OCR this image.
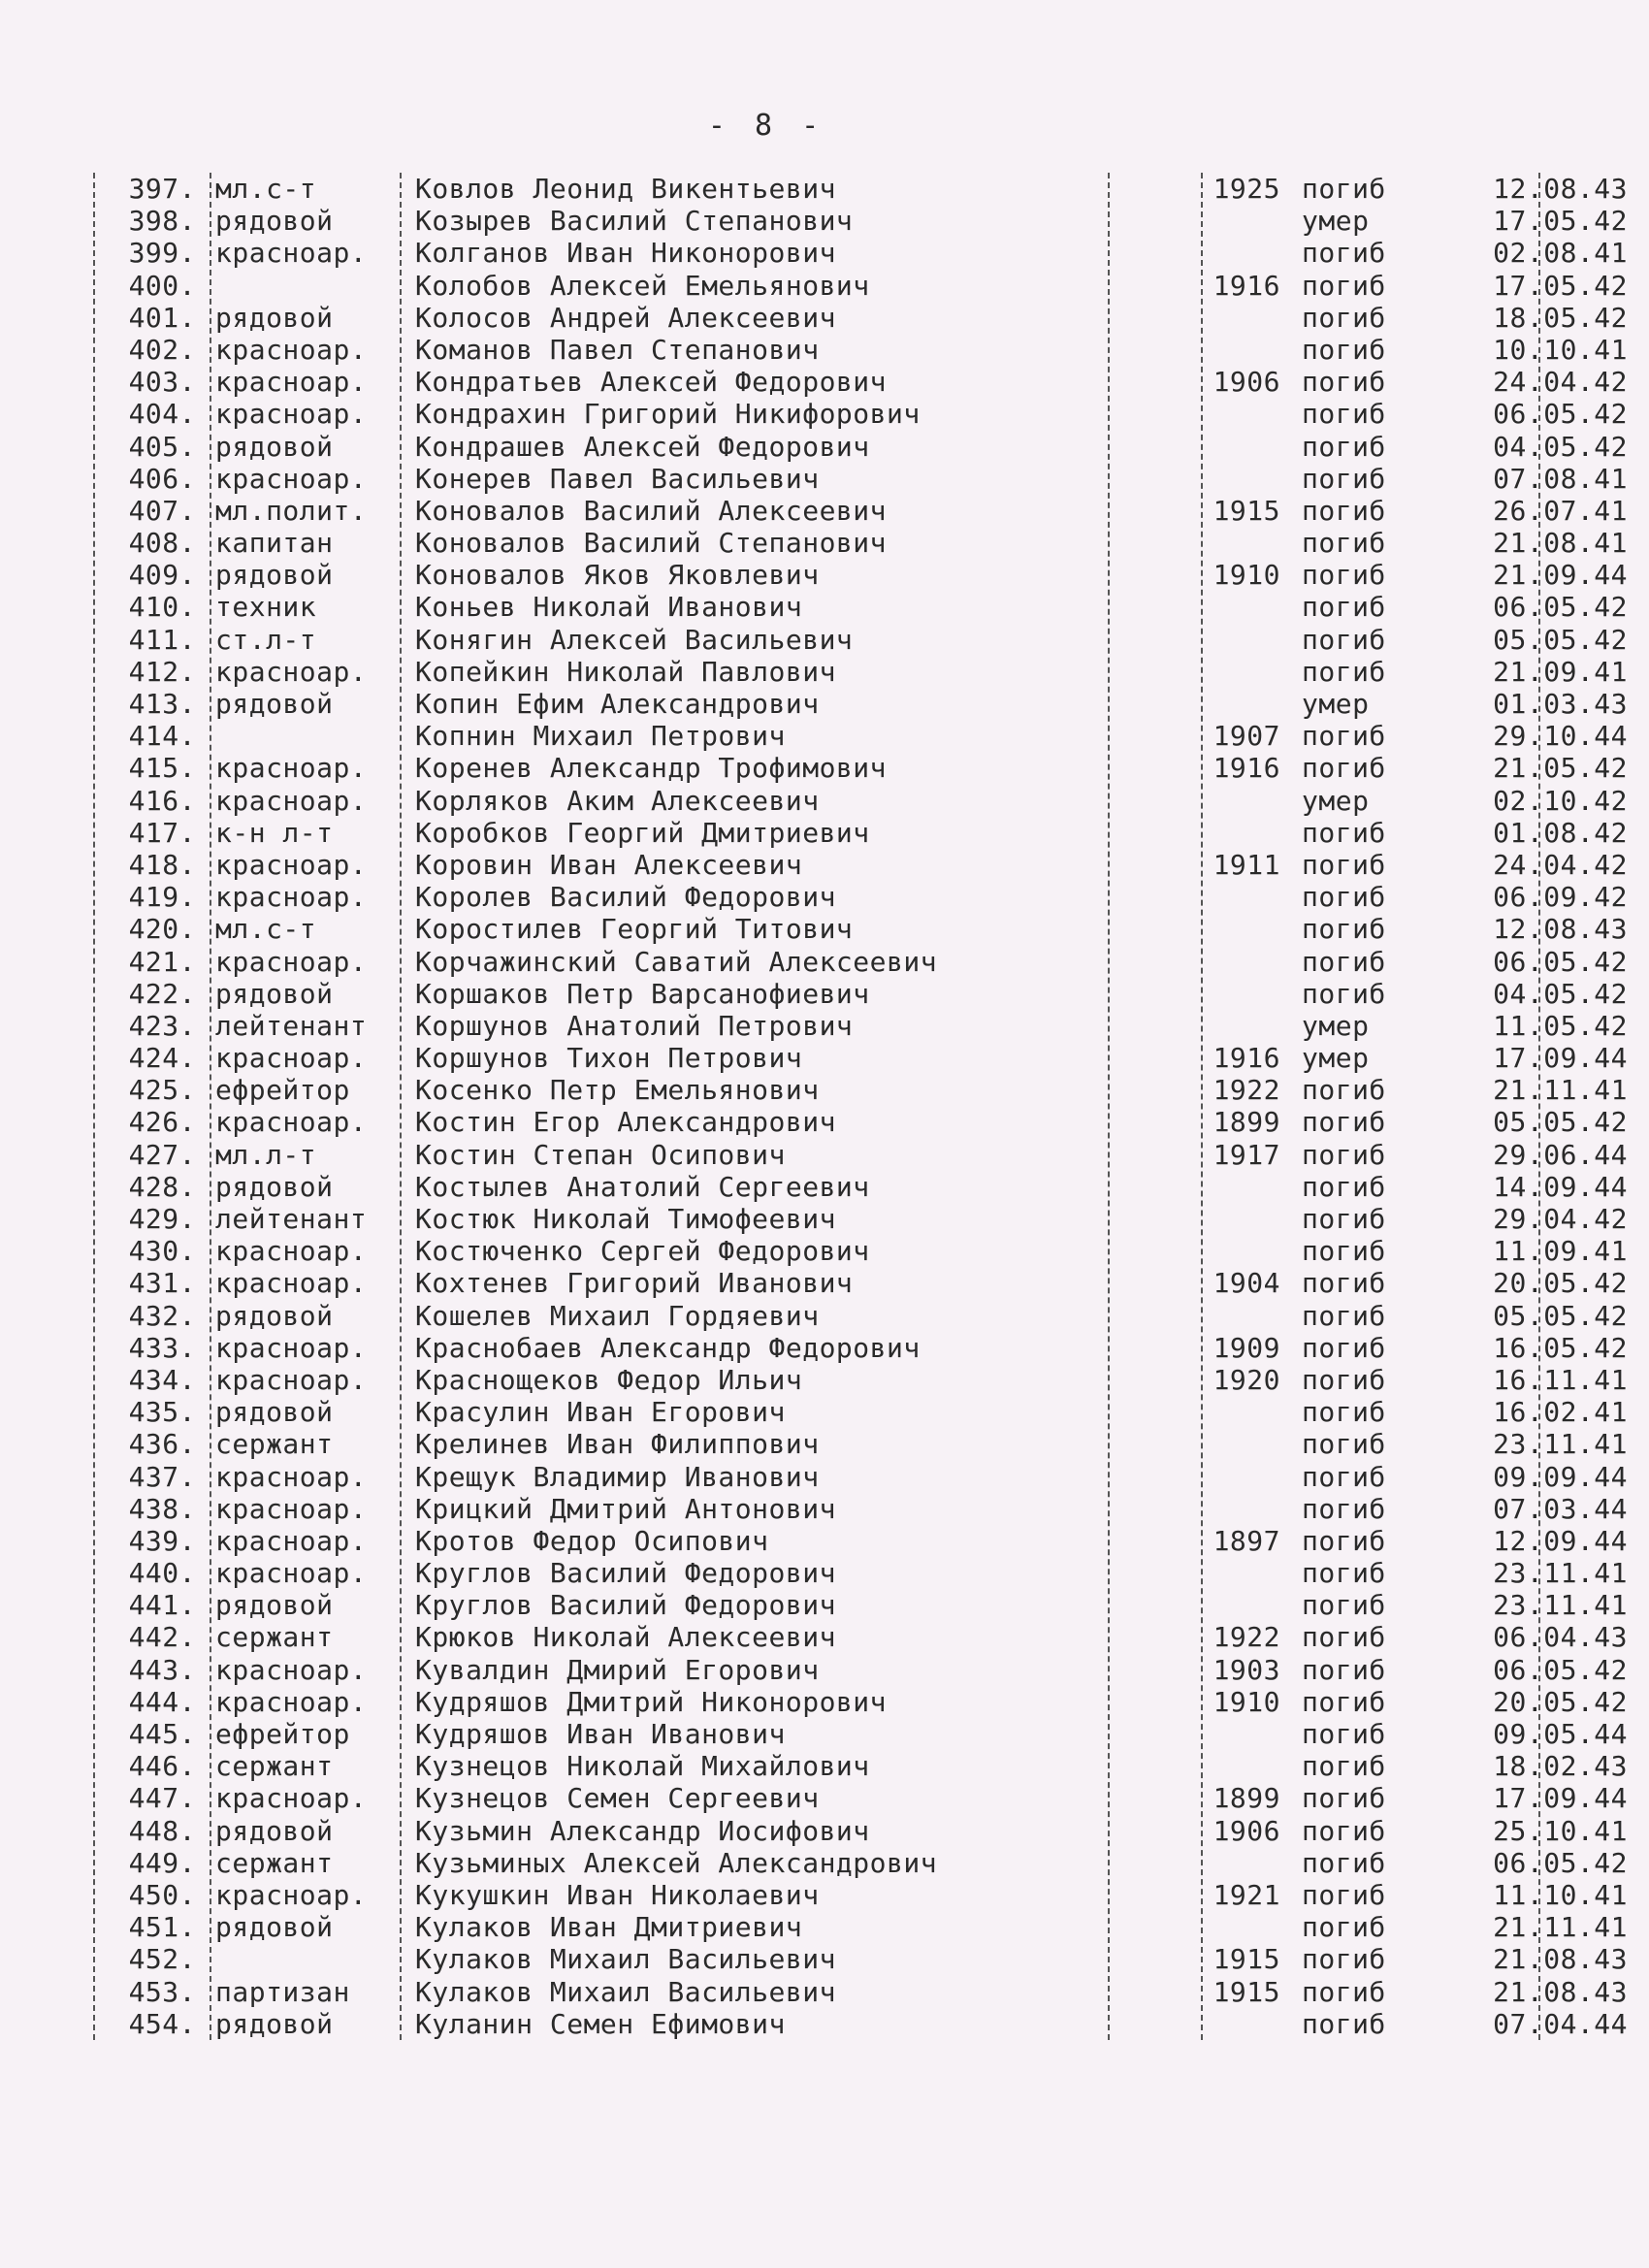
- 8 -
397. мл.с-т	Ковлов Леонид Викентьевич	1925 погиб	12.08.43
398. рядовой	Козырев Василий Степанович	умер	17.05.42
399. красноар. Колганов Иван Никонорович	погиб	02.08.41
400.	Колобов Алексей Емельянович	1916 погиб	17.05.42
401. рядовой	Колосов Андрей Алексеевич	погиб	18.05.42
402. красноар. Команов Павел Степанович	погиб	10.10.41
403. красноар. Кондратьев Алексей Федорович	1906 погиб	24.04.42
404. красноар. Кондрахин Григорий Никифорович	погиб	06.05.42
405. рядовой	Кондрашев Алексей Федорович	погиб	04.05.42
406. красноар. Конерев Павел Васильевич	погиб	07.08.41
407. мл.полит. Коновалов Василий Алексеевич	1915 погиб	26.07.41
408. капитан	Коновалов Василий Степанович	погиб	21.08.41
409. рядовой	Коновалов Яков Яковлевич	1910 погиб	21.09.44
410. техник	Коньев Николай Иванович	погиб	06.05.42
411. ст.л-т	Конягин Алексей Васильевич	погиб	05.05.42
412. красноар. Копейкин Николай Павлович	погиб	21.09.41
413. рядовой	Копин Ефим Александрович	умер	01.03.43
414.	Копнин Михаил Петрович	1907 погиб	29.10.44
415. красноар. Коренев Александр Трофимович	1916 погиб	21.05.42
416. красноар. Корляков Аким Алексеевич	умер	02.10.42
417. к-н л-т	Коробков Георгий Дмитриевич	погиб	01.08.42
418. красноар. Коровин Иван Алексеевич	1911 погиб	24.04.42
419. красноар. Королев Василий Федорович	погиб	06.09.42
420. мл.с-т	Коростилев Георгий Титович	погиб	12.08.43
421. красноар. Корчажинский Саватий Алексеевич	погиб	06.05.42
422. рядовой	Коршаков Петр Варсанофиевич	погиб	04.05.42
423. лейтенант Коршунов Анатолий Петрович	умер	11.05.42
424. красноар. Коршунов Тихон Петрович	1916 умер	17.09.44
425. ефрейтор Косенко Петр Емельянович	1922 погиб	21.11.41
426. красноар. Костин Егор Александрович	1899 погиб	05.05.42
427. мл.л-т	Костин Степан Осипович	1917 погиб	29.06.44
428. рядовой	Костылев Анатолий Сергеевич	погиб	14.09.44
429. лейтенант Костюк Николай Тимофеевич	погиб	29.04.42
430. красноар. Костюченко Сергей Федорович	погиб	11.09.41
431. красноар. Кохтенев Григорий Иванович	1904 погиб	20.05.42
432. рядовой	Кошелев Михаил Гордяевич	погиб	05.05.42
433. красноар. Краснобаев Александр Федорович	1909 погиб	16.05.42
434. красноар. Краснощеков Федор Ильич	1920 погиб	16.11.41
435. рядовой	Красулин Иван Егорович	погиб	16.02.41
436. сержант	Крелинев Иван Филиппович	погиб	23.11.41
437. красноар. Крещук Владимир Иванович	погиб	09.09.44
438. красноар. Крицкий Дмитрий Антонович	погиб	07.03.44
439. красноар. Кротов Федор Осипович	1897 погиб	12.09.44
440. красноар. Круглов Василий Федорович	погиб	23.11.41
441. рядовой	Круглов Василий Федорович	погиб	23.11.41
442. сержант	Крюков Николай Алексеевич	1922 погиб	06.04.43
443. красноар. Кувалдин Дмирий Егорович	1903 погиб	06.05.42
444. красноар. Кудряшов Дмитрий Никонорович	1910 погиб	20.05.42
445. ефрейтор Кудряшов Иван Иванович	погиб	09.05.44
446. сержант	Кузнецов Николай Михайлович	погиб	18.02.43
447. красноар. Кузнецов Семен Сергеевич	1899 погиб	17.09.44
448. рядовой	Кузьмин Александр Иосифович	1906 погиб	25.10.41
449. сержант	Кузьминых Алексей Александрович	погиб	06.05.42
450. красноар. Кукушкин Иван Николаевич	1921 погиб	11.10.41
451. рядовой	Кулаков Иван Дмитриевич	погиб	21.11.41
452.	Кулаков Михаил Васильевич	1915 погиб	21.08.43
453. партизан Кулаков Михаил Васильевич	1915 погиб	21.08.43
454. рядовой	Куланин Семен Ефимович	погиб	07.04.44
